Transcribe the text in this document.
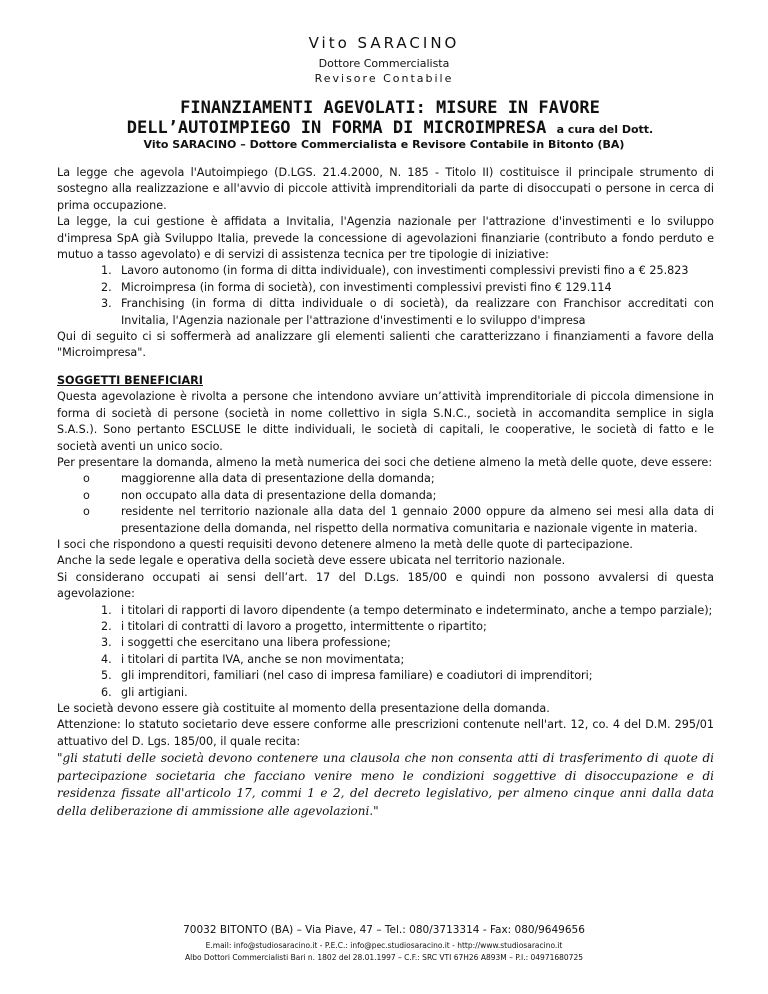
Vito SARACINO
Dottore Commercialista
Revisore Contabile
FINANZIAMENTI AGEVOLATI: MISURE IN FAVORE
DELL’AUTOIMPIEGO IN FORMA DI MICROIMPRESA a cura del Dott.
Vito SARACINO – Dottore Commercialista e Revisore Contabile in Bitonto (BA)

La legge che agevola l'Autoimpiego (D.LGS. 21.4.2000, N. 185 - Titolo II) costituisce il principale strumento di sostegno alla realizzazione e all'avvio di piccole attività imprenditoriali da parte di disoccupati o persone in cerca di prima occupazione.

La legge, la cui gestione è affidata a Invitalia, l'Agenzia nazionale per l'attrazione d'investimenti e lo sviluppo d'impresa SpA già Sviluppo Italia, prevede la concessione di agevolazioni finanziarie (contributo a fondo perduto e mutuo a tasso agevolato) e di servizi di assistenza tecnica per tre tipologie di iniziative:

1. Lavoro autonomo (in forma di ditta individuale), con investimenti complessivi previsti fino a € 25.823
2. Microimpresa (in forma di società), con investimenti complessivi previsti fino € 129.114
3. Franchising (in forma di ditta individuale o di società), da realizzare con Franchisor accreditati con Invitalia, l'Agenzia nazionale per l'attrazione d'investimenti e lo sviluppo d'impresa

Qui di seguito ci si soffermerà ad analizzare gli elementi salienti che caratterizzano i finanziamenti a favore della "Microimpresa".

SOGGETTI BENEFICIARI

Questa agevolazione è rivolta a persone che intendono avviare un’attività imprenditoriale di piccola dimensione in forma di società di persone (società in nome collettivo in sigla S.N.C., società in accomandita semplice in sigla S.A.S.). Sono pertanto ESCLUSE le ditte individuali, le società di capitali, le cooperative, le società di fatto e le società aventi un unico socio.

Per presentare la domanda, almeno la metà numerica dei soci che detiene almeno la metà delle quote, deve essere:

o	maggiorenne alla data di presentazione della domanda;
o	non occupato alla data di presentazione della domanda;
o	residente nel territorio nazionale alla data del 1 gennaio 2000 oppure da almeno sei mesi alla data di presentazione della domanda, nel rispetto della normativa comunitaria e nazionale vigente in materia.

I soci che rispondono a questi requisiti devono detenere almeno la metà delle quote di partecipazione.

Anche la sede legale e operativa della società deve essere ubicata nel territorio nazionale.

Si considerano occupati ai sensi dell’art. 17 del D.Lgs. 185/00 e quindi non possono avvalersi di questa agevolazione:

1. i titolari di rapporti di lavoro dipendente (a tempo determinato e indeterminato, anche a tempo parziale);
2. i titolari di contratti di lavoro a progetto, intermittente o ripartito;
3. i soggetti che esercitano una libera professione;
4. i titolari di partita IVA, anche se non movimentata;
5. gli imprenditori, familiari (nel caso di impresa familiare) e coadiutori di imprenditori;
6. gli artigiani.

Le società devono essere già costituite al momento della presentazione della domanda.

Attenzione: lo statuto societario deve essere conforme alle prescrizioni contenute nell'art. 12, co. 4 del D.M. 295/01 attuativo del D. Lgs. 185/00, il quale recita:

"gli statuti delle società devono contenere una clausola che non consenta atti di trasferimento di quote di partecipazione societaria che facciano venire meno le condizioni soggettive di disoccupazione e di residenza fissate all'articolo 17, commi 1 e 2, del decreto legislativo, per almeno cinque anni dalla data della deliberazione di ammissione alle agevolazioni."

70032 BITONTO (BA) – Via Piave, 47 – Tel.: 080/3713314 - Fax: 080/9649656
E.mail: info@studiosaracino.it - P.E.C.: info@pec.studiosaracino.it - http://www.studiosaracino.it
Albo Dottori Commercialisti Bari n. 1802 del 28.01.1997 – C.F.: SRC VTI 67H26 A893M – P.I.: 04971680725
